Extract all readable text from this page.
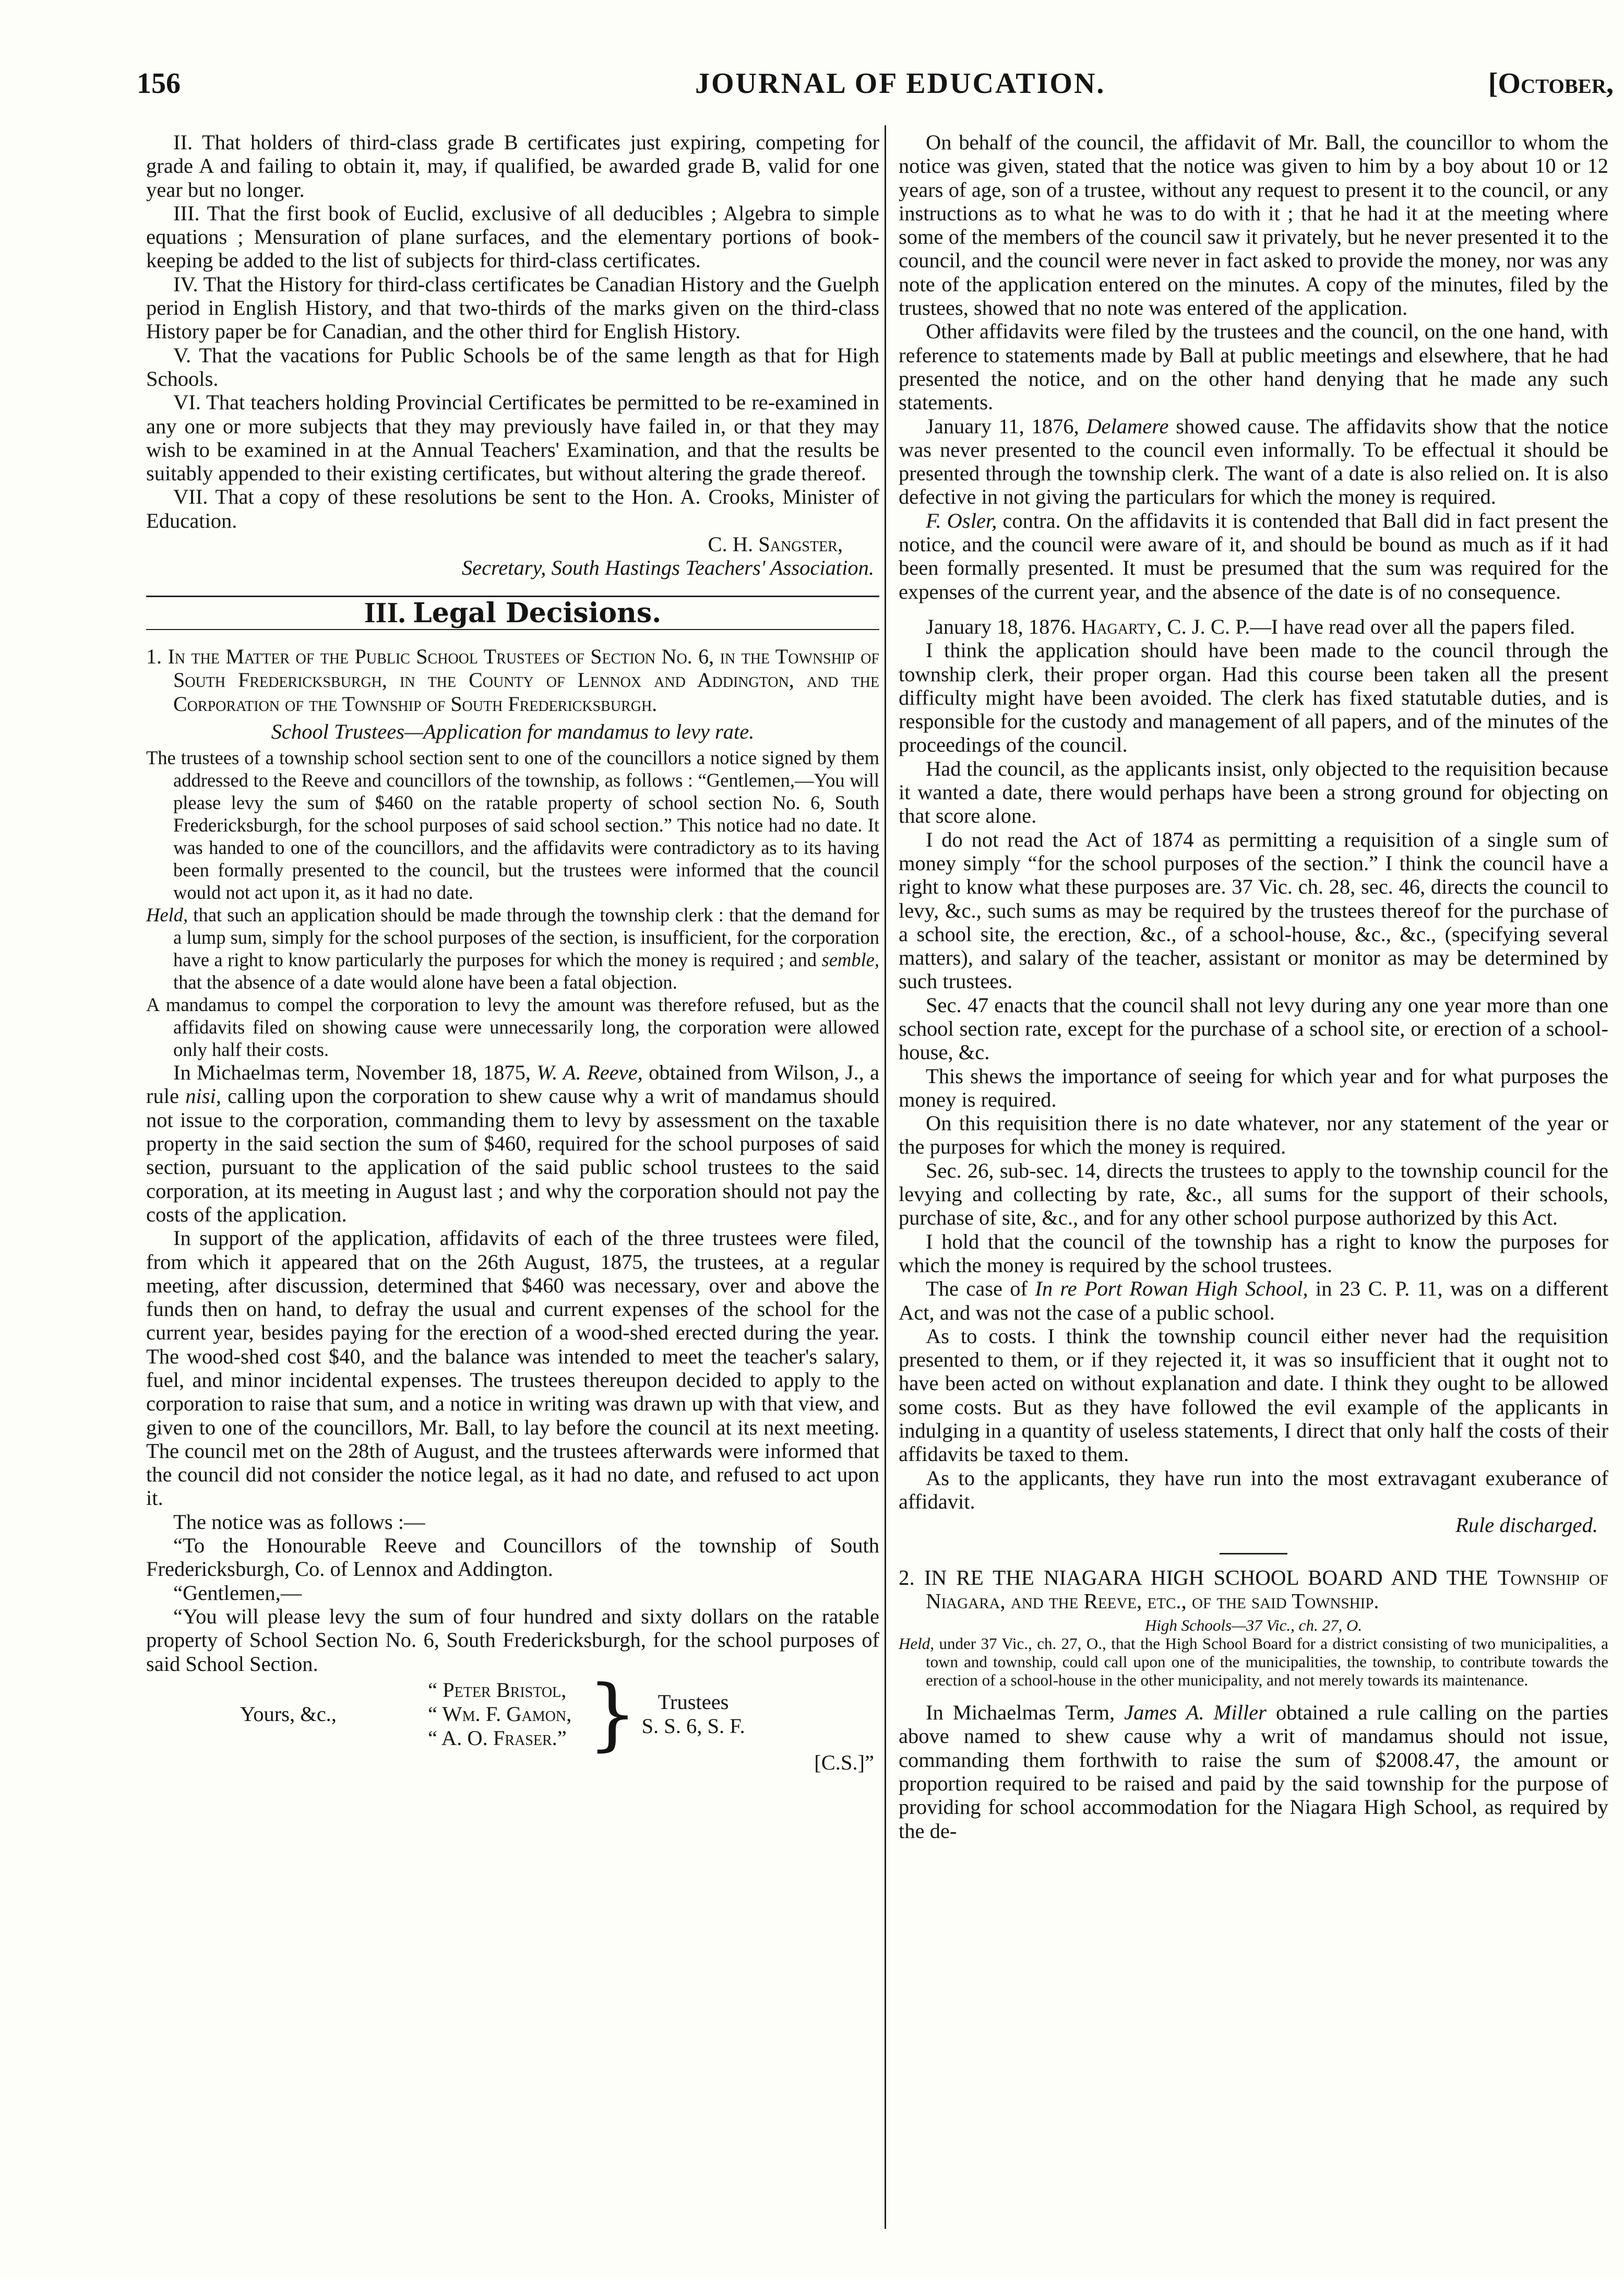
156	JOURNAL OF EDUCATION.	[October,

II. That holders of third-class grade B certificates just expiring, competing for grade A and failing to obtain it, may, if qualified, be awarded grade B, valid for one year but no longer.

III. That the first book of Euclid, exclusive of all deducibles ; Algebra to simple equations ; Mensuration of plane surfaces, and the elementary portions of book-keeping be added to the list of subjects for third-class certificates.

IV. That the History for third-class certificates be Canadian History and the Guelph period in English History, and that two-thirds of the marks given on the third-class History paper be for Canadian, and the other third for English History.

V. That the vacations for Public Schools be of the same length as that for High Schools.

VI. That teachers holding Provincial Certificates be permitted to be re-examined in any one or more subjects that they may previously have failed in, or that they may wish to be examined in at the Annual Teachers' Examination, and that the results be suitably appended to their existing certificates, but without altering the grade thereof.

VII. That a copy of these resolutions be sent to the Hon. A. Crooks, Minister of Education.

C. H. Sangster,

Secretary, South Hastings Teachers' Association.

III. Legal Decisions.

1. In the Matter of the Public School Trustees of Section No. 6, in the Township of South Fredericksburgh, in the County of Lennox and Addington, and the Corporation of the Township of South Fredericksburgh.

School Trustees—Application for mandamus to levy rate.

The trustees of a township school section sent to one of the councillors a notice signed by them addressed to the Reeve and councillors of the township, as follows : “Gentlemen,—You will please levy the sum of $460 on the ratable property of school section No. 6, South Fredericksburgh, for the school purposes of said school section.” This notice had no date. It was handed to one of the councillors, and the affidavits were contradictory as to its having been formally presented to the council, but the trustees were informed that the council would not act upon it, as it had no date.

Held, that such an application should be made through the township clerk : that the demand for a lump sum, simply for the school purposes of the section, is insufficient, for the corporation have a right to know particularly the purposes for which the money is required ; and semble, that the absence of a date would alone have been a fatal objection.

A mandamus to compel the corporation to levy the amount was therefore refused, but as the affidavits filed on showing cause were unnecessarily long, the corporation were allowed only half their costs.

In Michaelmas term, November 18, 1875, W. A. Reeve, obtained from Wilson, J., a rule nisi, calling upon the corporation to shew cause why a writ of mandamus should not issue to the corporation, commanding them to levy by assessment on the taxable property in the said section the sum of $460, required for the school purposes of said section, pursuant to the application of the said public school trustees to the said corporation, at its meeting in August last ; and why the corporation should not pay the costs of the application.

In support of the application, affidavits of each of the three trustees were filed, from which it appeared that on the 26th August, 1875, the trustees, at a regular meeting, after discussion, determined that $460 was necessary, over and above the funds then on hand, to defray the usual and current expenses of the school for the current year, besides paying for the erection of a wood-shed erected during the year. The wood-shed cost $40, and the balance was intended to meet the teacher's salary, fuel, and minor incidental expenses. The trustees thereupon decided to apply to the corporation to raise that sum, and a notice in writing was drawn up with that view, and given to one of the councillors, Mr. Ball, to lay before the council at its next meeting. The council met on the 28th of August, and the trustees afterwards were informed that the council did not consider the notice legal, as it had no date, and refused to act upon it.

The notice was as follows :—

“To the Honourable Reeve and Councillors of the township of South Fredericksburgh, Co. of Lennox and Addington.

“Gentlemen,—

“You will please levy the sum of four hundred and sixty dollars on the ratable property of School Section No. 6, South Fredericksburgh, for the school purposes of said School Section.

Yours, &c.,
“ Peter Bristol,
“ Wm. F. Gamon,
“ A. O. Fraser.” } Trustees
S. S. 6, S. F.

[C.S.]”

On behalf of the council, the affidavit of Mr. Ball, the councillor to whom the notice was given, stated that the notice was given to him by a boy about 10 or 12 years of age, son of a trustee, without any request to present it to the council, or any instructions as to what he was to do with it ; that he had it at the meeting where some of the members of the council saw it privately, but he never presented it to the council, and the council were never in fact asked to provide the money, nor was any note of the application entered on the minutes. A copy of the minutes, filed by the trustees, showed that no note was entered of the application.

Other affidavits were filed by the trustees and the council, on the one hand, with reference to statements made by Ball at public meetings and elsewhere, that he had presented the notice, and on the other hand denying that he made any such statements.

January 11, 1876, Delamere showed cause. The affidavits show that the notice was never presented to the council even informally. To be effectual it should be presented through the township clerk. The want of a date is also relied on. It is also defective in not giving the particulars for which the money is required.

F. Osler, contra. On the affidavits it is contended that Ball did in fact present the notice, and the council were aware of it, and should be bound as much as if it had been formally presented. It must be presumed that the sum was required for the expenses of the current year, and the absence of the date is of no consequence.

January 18, 1876. Hagarty, C. J. C. P.—I have read over all the papers filed.

I think the application should have been made to the council through the township clerk, their proper organ. Had this course been taken all the present difficulty might have been avoided. The clerk has fixed statutable duties, and is responsible for the custody and management of all papers, and of the minutes of the proceedings of the council.

Had the council, as the applicants insist, only objected to the requisition because it wanted a date, there would perhaps have been a strong ground for objecting on that score alone.

I do not read the Act of 1874 as permitting a requisition of a single sum of money simply “for the school purposes of the section.” I think the council have a right to know what these purposes are. 37 Vic. ch. 28, sec. 46, directs the council to levy, &c., such sums as may be required by the trustees thereof for the purchase of a school site, the erection, &c., of a school-house, &c., &c., (specifying several matters), and salary of the teacher, assistant or monitor as may be determined by such trustees.

Sec. 47 enacts that the council shall not levy during any one year more than one school section rate, except for the purchase of a school site, or erection of a school-house, &c.

This shews the importance of seeing for which year and for what purposes the money is required.

On this requisition there is no date whatever, nor any statement of the year or the purposes for which the money is required.

Sec. 26, sub-sec. 14, directs the trustees to apply to the township council for the levying and collecting by rate, &c., all sums for the support of their schools, purchase of site, &c., and for any other school purpose authorized by this Act.

I hold that the council of the township has a right to know the purposes for which the money is required by the school trustees.

The case of In re Port Rowan High School, in 23 C. P. 11, was on a different Act, and was not the case of a public school.

As to costs. I think the township council either never had the requisition presented to them, or if they rejected it, it was so insufficient that it ought not to have been acted on without explanation and date. I think they ought to be allowed some costs. But as they have followed the evil example of the applicants in indulging in a quantity of useless statements, I direct that only half the costs of their affidavits be taxed to them.

As to the applicants, they have run into the most extravagant exuberance of affidavit.

Rule discharged.

2. IN RE THE NIAGARA HIGH SCHOOL BOARD AND THE Township of Niagara, and the Reeve, etc., of the said Township.

High Schools—37 Vic., ch. 27, O.

Held, under 37 Vic., ch. 27, O., that the High School Board for a district consisting of two municipalities, a town and township, could call upon one of the municipalities, the township, to contribute towards the erection of a school-house in the other municipality, and not merely towards its maintenance.

In Michaelmas Term, James A. Miller obtained a rule calling on the parties above named to shew cause why a writ of mandamus should not issue, commanding them forthwith to raise the sum of $2008.47, the amount or proportion required to be raised and paid by the said township for the purpose of providing for school accommodation for the Niagara High School, as required by the de-
